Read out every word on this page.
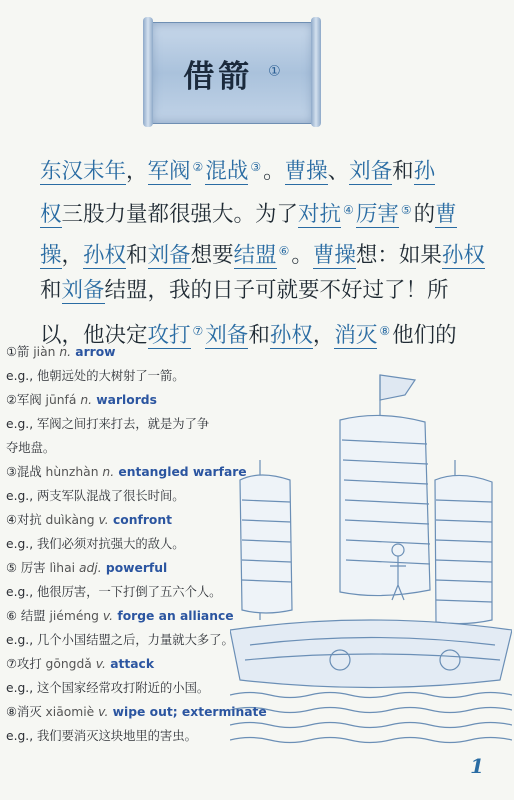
借箭 ①
东汉末年，军阀 ②混战 ③。曹操、刘备和孙
权三股力量都很强大。为了对抗 ④厉害 ⑤的曹
操，孙权和刘备想要结盟 ⑥。曹操想：如果孙权
和刘备结盟，我的日子可就要不好过了！所
以，他决定攻打 ⑦刘备和孙权，消灭 ⑧他们的
①箭 jiàn n. arrow
e.g., 他朝远处的大树射了一箭。
②军阀 jūnfá n. warlords
e.g., 军阀之间打来打去，就是为了争
夺地盘。
③混战 hùnzhàn n. entangled warfare
e.g., 两支军队混战了很长时间。
④对抗 duìkàng v. confront
e.g., 我们必须对抗强大的敌人。
⑤ 厉害 lìhai adj. powerful
e.g., 他很厉害，一下打倒了五六个人。
⑥ 结盟 jiéméng v. forge an alliance
e.g., 几个小国结盟之后，力量就大多了。
⑦攻打 gōngdǎ v. attack
e.g., 这个国家经常攻打附近的小国。
⑧消灭 xiāomiè v. wipe out; exterminate
e.g., 我们要消灭这块地里的害虫。
1
